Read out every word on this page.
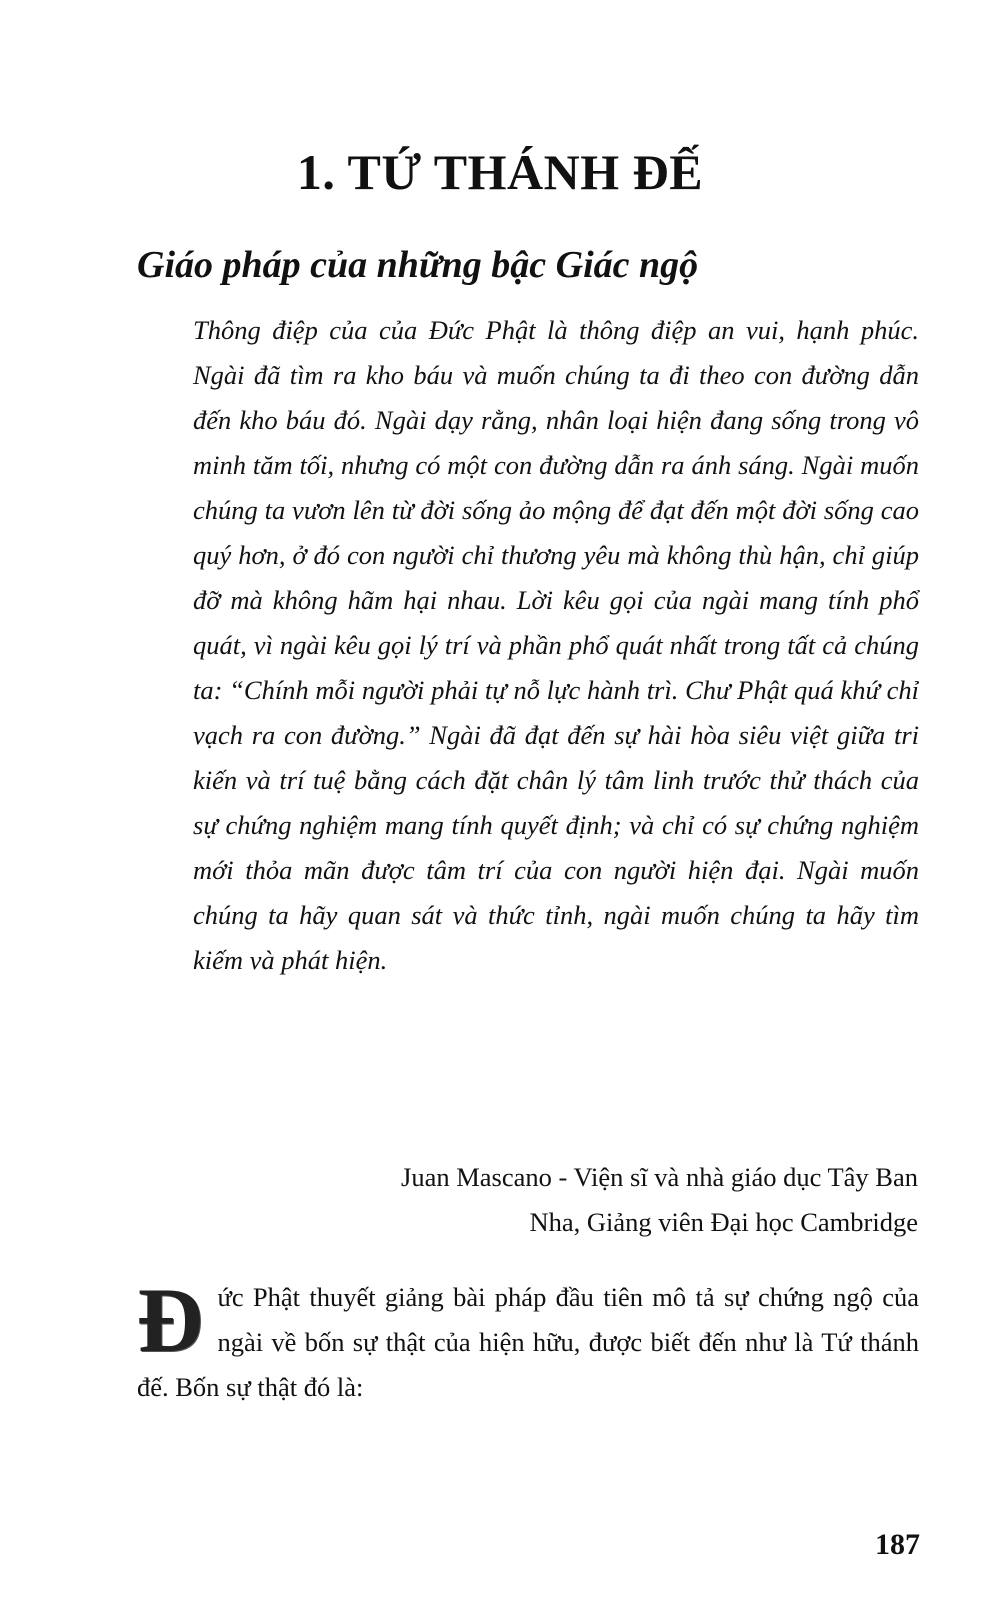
1. TỨ THÁNH ĐẾ
Giáo pháp của những bậc Giác ngộ

Thông điệp của của Đức Phật là thông điệp an vui, hạnh phúc. Ngài đã tìm ra kho báu và muốn chúng ta đi theo con đường dẫn đến kho báu đó. Ngài dạy rằng, nhân loại hiện đang sống trong vô minh tăm tối, nhưng có một con đường dẫn ra ánh sáng. Ngài muốn chúng ta vươn lên từ đời sống ảo mộng để đạt đến một đời sống cao quý hơn, ở đó con người chỉ thương yêu mà không thù hận, chỉ giúp đỡ mà không hãm hại nhau. Lời kêu gọi của ngài mang tính phổ quát, vì ngài kêu gọi lý trí và phần phổ quát nhất trong tất cả chúng ta: “Chính mỗi người phải tự nỗ lực hành trì. Chư Phật quá khứ chỉ vạch ra con đường.” Ngài đã đạt đến sự hài hòa siêu việt giữa tri kiến và trí tuệ bằng cách đặt chân lý tâm linh trước thử thách của sự chứng nghiệm mang tính quyết định; và chỉ có sự chứng nghiệm mới thỏa mãn được tâm trí của con người hiện đại. Ngài muốn chúng ta hãy quan sát và thức tỉnh, ngài muốn chúng ta hãy tìm kiếm và phát hiện.

Juan Mascano - Viện sĩ và nhà giáo dục Tây Ban
Nha, Giảng viên Đại học Cambridge

Đức Phật thuyết giảng bài pháp đầu tiên mô tả sự chứng ngộ của ngài về bốn sự thật của hiện hữu, được biết đến như là Tứ thánh đế. Bốn sự thật đó là:

187
